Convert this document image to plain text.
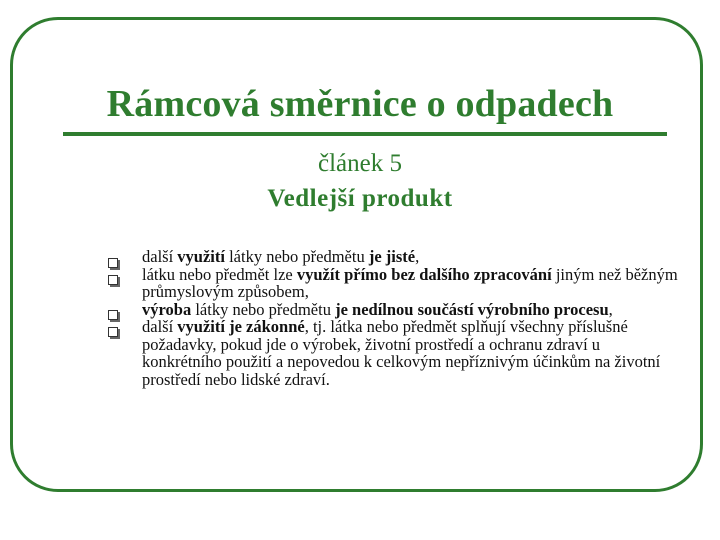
Rámcová směrnice o odpadech
článek 5
Vedlejší produkt
další využití látky nebo předmětu je jisté,
látku nebo předmět lze využít přímo bez dalšího zpracování jiným než běžným průmyslovým způsobem,
výroba látky nebo předmětu je nedílnou součástí výrobního procesu,
další využití je zákonné, tj. látka nebo předmět splňují všechny příslušné požadavky, pokud jde o výrobek, životní prostředí a ochranu zdraví u konkrétního použití a nepovedou k celkovým nepříznivým účinkům na životní prostředí nebo lidské zdraví.
